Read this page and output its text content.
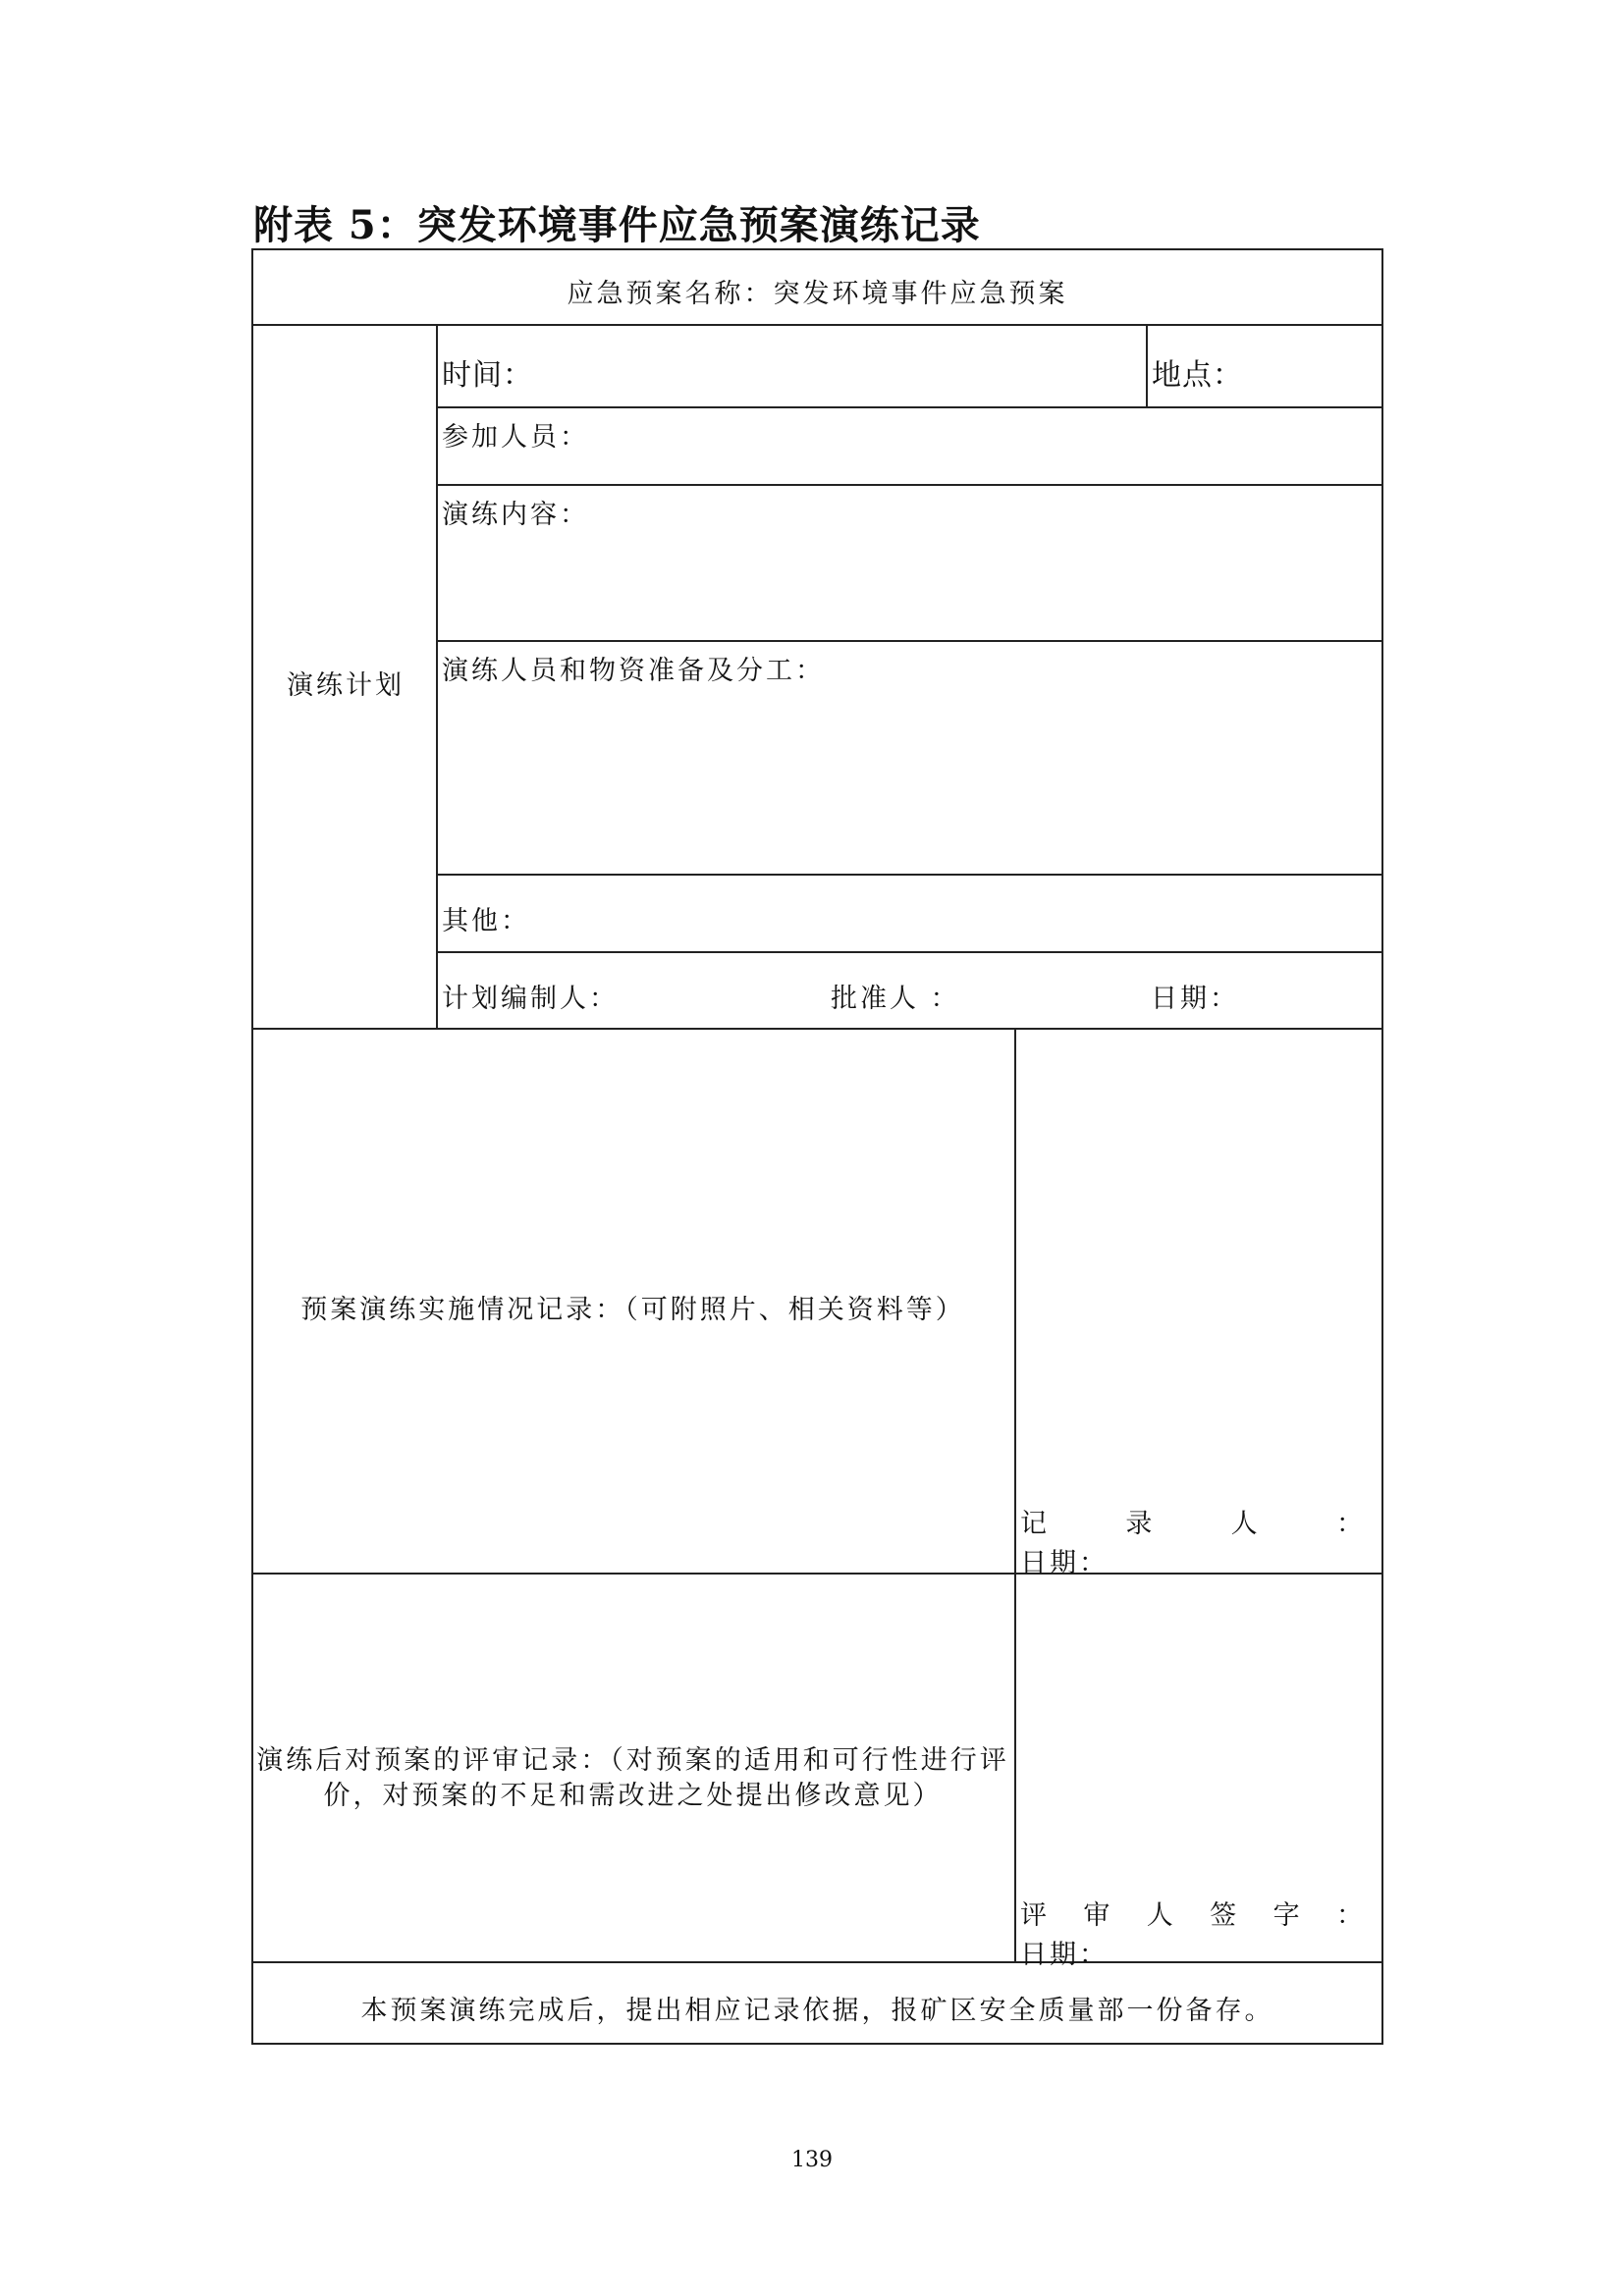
附表 5：突发环境事件应急预案演练记录
应急预案名称：突发环境事件应急预案
演练计划
时间：	地点：
参加人员：
演练内容：
演练人员和物资准备及分工：
其他：
计划编制人：	批准人 ：	日期：
预案演练实施情况记录：（可附照片、相关资料等）
记	录	人	：
日期：
演练后对预案的评审记录：（对预案的适用和可行性进行评
价，对预案的不足和需改进之处提出修改意见）
评 审 人 签 字 ：
日期：
本预案演练完成后，提出相应记录依据，报矿区安全质量部一份备存。
139
